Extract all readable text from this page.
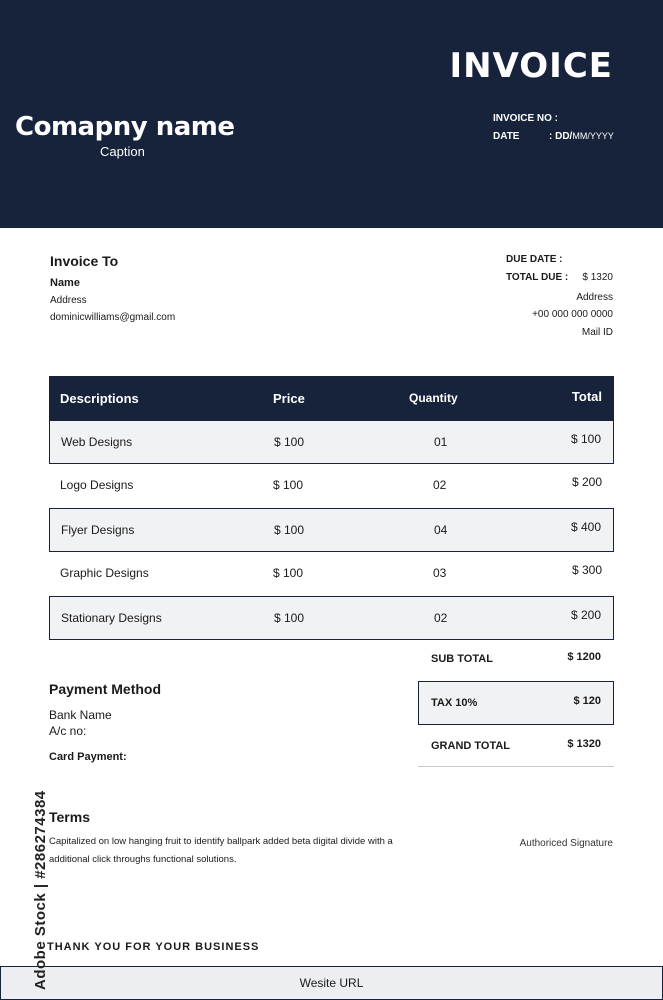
INVOICE
Comapny name
Caption
INVOICE NO :
DATE	: DD/MM/YYYY
Invoice To
Name
Address
dominicwilliams@gmail.com
DUE DATE :
TOTAL DUE : $ 1320
Address
+00 000 000 0000
Mail ID
Descriptions	Price	Quantity	Total
Web Designs	$ 100	01	$ 100
Logo Designs	$ 100	02	$ 200
Flyer Designs	$ 100	04	$ 400
Graphic Designs	$ 100	03	$ 300
Stationary Designs	$ 100	02	$ 200
SUB TOTAL	$ 1200
TAX 10%	$ 120
GRAND TOTAL	$ 1320
Payment Method
Bank Name
A/c no:
Card Payment:
Terms
Capitalized on low hanging fruit to identify ballpark added beta digital divide with a additional click throughs functional solutions.
Authoriced Signature
THANK YOU FOR YOUR BUSINESS
Wesite URL
Adobe Stock | #286274384
